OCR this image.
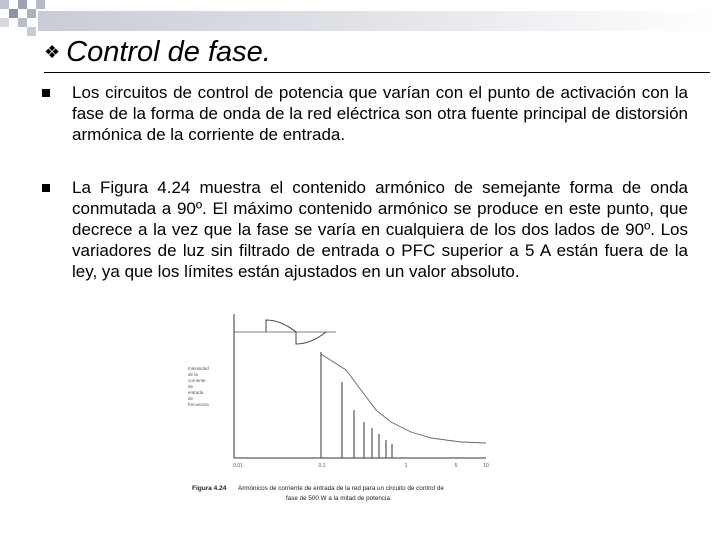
❖ Control de fase.

Los circuitos de control de potencia que varían con el punto de activación con la fase de la forma de onda de la red eléctrica son otra fuente principal de distorsión armónica de la corriente de entrada.

La Figura 4.24 muestra el contenido armónico de semejante forma de onda conmutada a 90º. El máximo contenido armónico se produce en este punto, que decrece a la vez que la fase se varía en cualquiera de los dos lados de 90º. Los variadores de luz sin filtrado de entrada o PFC superior a 5 A están fuera de la ley, ya que los límites están ajustados en un valor absoluto.

Intensidad
de la
corriente
de
entrada
de
frecuencia
0.01	0.1	1	5	10
Figura 4.24 Armónicos de corriente de entrada de la red para un circuito de control de
fase de 500 W a la mitad de potencia.
